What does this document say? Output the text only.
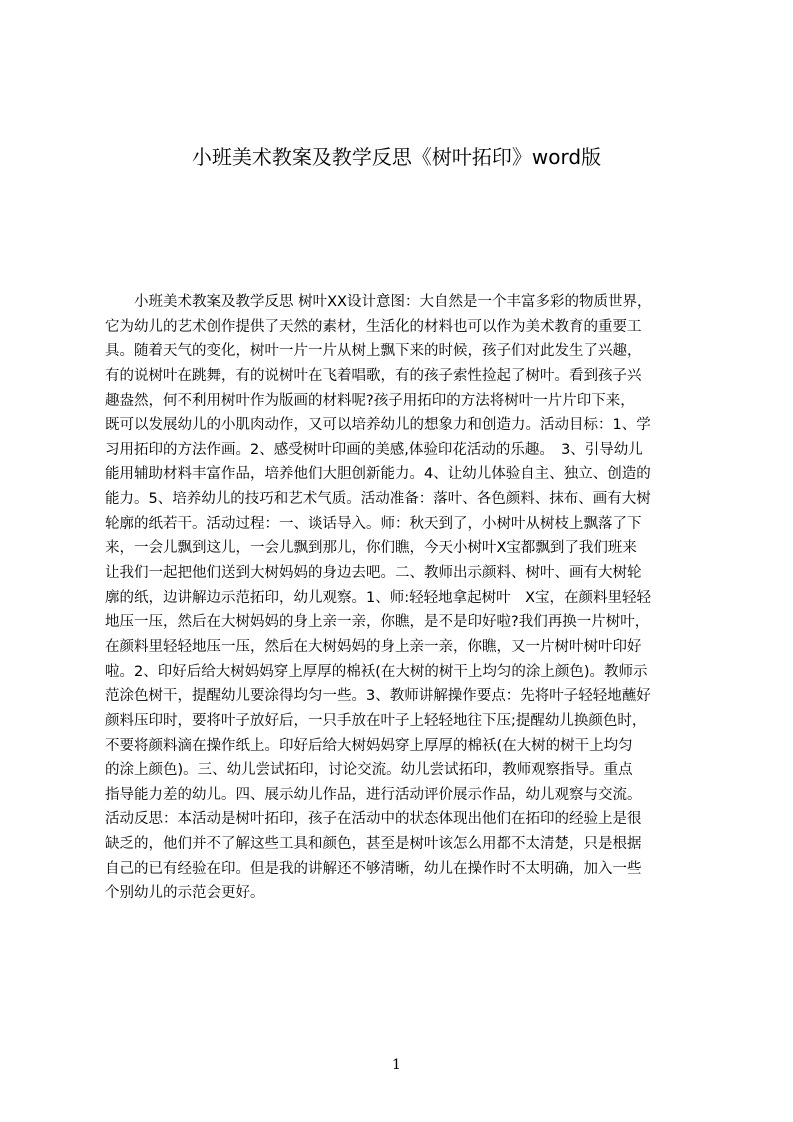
小班美术教案及教学反思《树叶拓印》word版
　　小班美术教案及教学反思 树叶XX设计意图：大自然是一个丰富多彩的物质世界，
它为幼儿的艺术创作提供了天然的素材，生活化的材料也可以作为美术教育的重要工
具。随着天气的变化，树叶一片一片从树上飘下来的时候，孩子们对此发生了兴趣，
有的说树叶在跳舞，有的说树叶在飞着唱歌，有的孩子索性捡起了树叶。看到孩子兴
趣盎然，何不利用树叶作为版画的材料呢?孩子用拓印的方法将树叶一片片印下来，
既可以发展幼儿的小肌肉动作，又可以培养幼儿的想象力和创造力。活动目标：1、学
习用拓印的方法作画。2、感受树叶印画的美感,体验印花活动的乐趣。　3、引导幼儿
能用辅助材料丰富作品，培养他们大胆创新能力。4、让幼儿体验自主、独立、创造的
能力。5、培养幼儿的技巧和艺术气质。活动准备：落叶、各色颜料、抹布、画有大树
轮廓的纸若干。活动过程：一、谈话导入。师：秋天到了，小树叶从树枝上飘落了下
来，一会儿飘到这儿，一会儿飘到那儿，你们瞧，今天小树叶X宝都飘到了我们班来
让我们一起把他们送到大树妈妈的身边去吧。二、教师出示颜料、树叶、画有大树轮
廓的纸，边讲解边示范拓印，幼儿观察。1、师:轻轻地拿起树叶　X宝，在颜料里轻轻
地压一压，然后在大树妈妈的身上亲一亲，你瞧，是不是印好啦?我们再换一片树叶，
在颜料里轻轻地压一压，然后在大树妈妈的身上亲一亲，你瞧，又一片树叶树叶印好
啦。2、印好后给大树妈妈穿上厚厚的棉袄(在大树的树干上均匀的涂上颜色)。教师示
范涂色树干，提醒幼儿要涂得均匀一些。3、教师讲解操作要点：先将叶子轻轻地蘸好
颜料压印时，要将叶子放好后，一只手放在叶子上轻轻地往下压;提醒幼儿换颜色时，
不要将颜料滴在操作纸上。印好后给大树妈妈穿上厚厚的棉袄(在大树的树干上均匀
的涂上颜色)。三、幼儿尝试拓印，讨论交流。幼儿尝试拓印，教师观察指导。重点
指导能力差的幼儿。四、展示幼儿作品，进行活动评价展示作品，幼儿观察与交流。
活动反思：本活动是树叶拓印，孩子在活动中的状态体现出他们在拓印的经验上是很
缺乏的，他们并不了解这些工具和颜色，甚至是树叶该怎么用都不太清楚，只是根据
自己的已有经验在印。但是我的讲解还不够清晰，幼儿在操作时不太明确，加入一些
个别幼儿的示范会更好。
1
